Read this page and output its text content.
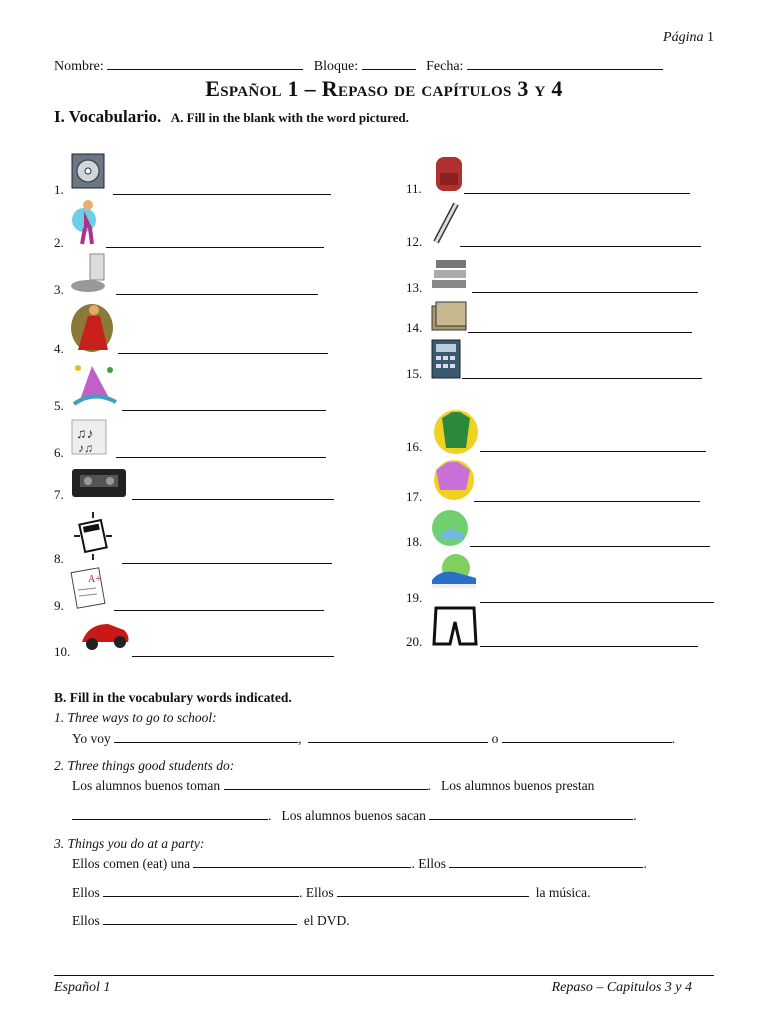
Página 1
Nombre:	Bloque:	Fecha:
Español 1 – Repaso de capítulos 3 y 4
I. Vocabulario. A. Fill in the blank with the word pictured.
1.
2.
3.
4.
5.
6.
♫♪
♪♫
7.
8.
9.
A+
10.
11.
12.
13.
14.
15.
16.
17.
18.
19.
20.
B. Fill in the vocabulary words indicated.
1. Three ways to go to school:
Yo voy	,	o	.
2. Three things good students do:
Los alumnos buenos toman	. Los alumnos buenos prestan
. Los alumnos buenos sacan	.
3. Things you do at a party:
Ellos comen (eat) una	. Ellos	.
Ellos	. Ellos	la música.
Ellos	el DVD.
Español 1	Repaso – Capitulos 3 y 4
